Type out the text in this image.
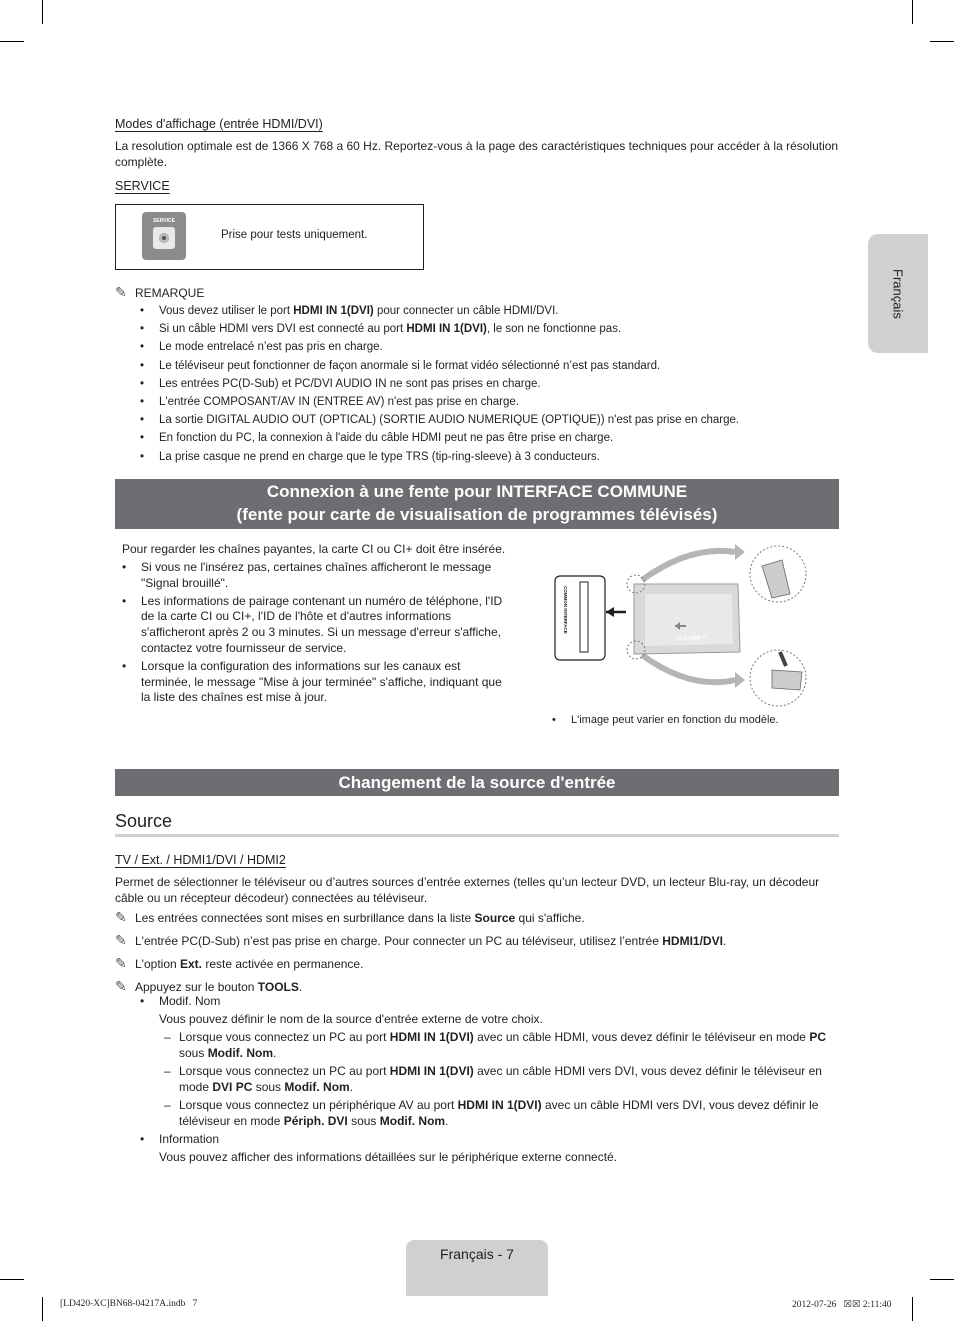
Français
Modes d'affichage (entrée HDMI/DVI)
La resolution optimale est de 1366 X 768 a 60 Hz. Reportez-vous à la page des caractéristiques techniques pour accéder à la résolution complète.
SERVICE
SERVICE
Prise pour tests uniquement.
✎ REMARQUE
• Vous devez utiliser le port HDMI IN 1(DVI) pour connecter un câble HDMI/DVI.
• Si un câble HDMI vers DVI est connecté au port HDMI IN 1(DVI), le son ne fonctionne pas.
• Le mode entrelacé n’est pas pris en charge.
• Le téléviseur peut fonctionner de façon anormale si le format vidéo sélectionné n’est pas standard.
• Les entrées PC(D-Sub) et PC/DVI AUDIO IN ne sont pas prises en charge.
• L'entrée COMPOSANT/AV IN (ENTREE AV) n'est pas prise en charge.
• La sortie DIGITAL AUDIO OUT (OPTICAL) (SORTIE AUDIO NUMERIQUE (OPTIQUE)) n'est pas prise en charge.
• En fonction du PC, la connexion à l'aide du câble HDMI peut ne pas être prise en charge.
• La prise casque ne prend en charge que le type TRS (tip-ring-sleeve) à 3 conducteurs.
Connexion à une fente pour INTERFACE COMMUNE
(fente pour carte de visualisation de programmes télévisés)
Pour regarder les chaînes payantes, la carte CI ou CI+ doit être insérée.
• Si vous ne l'insérez pas, certaines chaînes afficheront le message "Signal brouillé".
• Les informations de pairage contenant un numéro de téléphone, l'ID de la carte CI ou CI+, l'ID de l'hôte et d'autres informations s'afficheront après 2 ou 3 minutes. Si un message d'erreur s'affiche, contactez votre fournisseur de service.
• Lorsque la configuration des informations sur les canaux est terminée, le message "Mise à jour terminée" s'affiche, indiquant que la liste des chaînes est mise à jour.
COMMON INTERFACE
CI CARD™
• L'image peut varier en fonction du modèle.
Changement de la source d'entrée
Source
TV / Ext. / HDMI1/DVI / HDMI2
Permet de sélectionner le téléviseur ou d’autres sources d’entrée externes (telles qu’un lecteur DVD, un lecteur Blu-ray, un décodeur câble ou un récepteur décodeur) connectées au téléviseur.
✎ Les entrées connectées sont mises en surbrillance dans la liste Source qui s'affiche.
✎ L'entrée PC(D-Sub) n’est pas prise en charge. Pour connecter un PC au téléviseur, utilisez l’entrée HDMI1/DVI.
✎ L'option Ext. reste activée en permanence.
✎ Appuyez sur le bouton TOOLS.
• Modif. Nom
Vous pouvez définir le nom de la source d'entrée externe de votre choix.
– Lorsque vous connectez un PC au port HDMI IN 1(DVI) avec un câble HDMI, vous devez définir le téléviseur en mode PC sous Modif. Nom.
– Lorsque vous connectez un PC au port HDMI IN 1(DVI) avec un câble HDMI vers DVI, vous devez définir le téléviseur en mode DVI PC sous Modif. Nom.
– Lorsque vous connectez un périphérique AV au port HDMI IN 1(DVI) avec un câble HDMI vers DVI, vous devez définir le téléviseur en mode Périph. DVI sous Modif. Nom.
• Information
Vous pouvez afficher des informations détaillées sur le périphérique externe connecté.
Français - 7
[LD420-XC]BN68-04217A.indb   7	2012-07-26   ☒☒ 2:11:40
